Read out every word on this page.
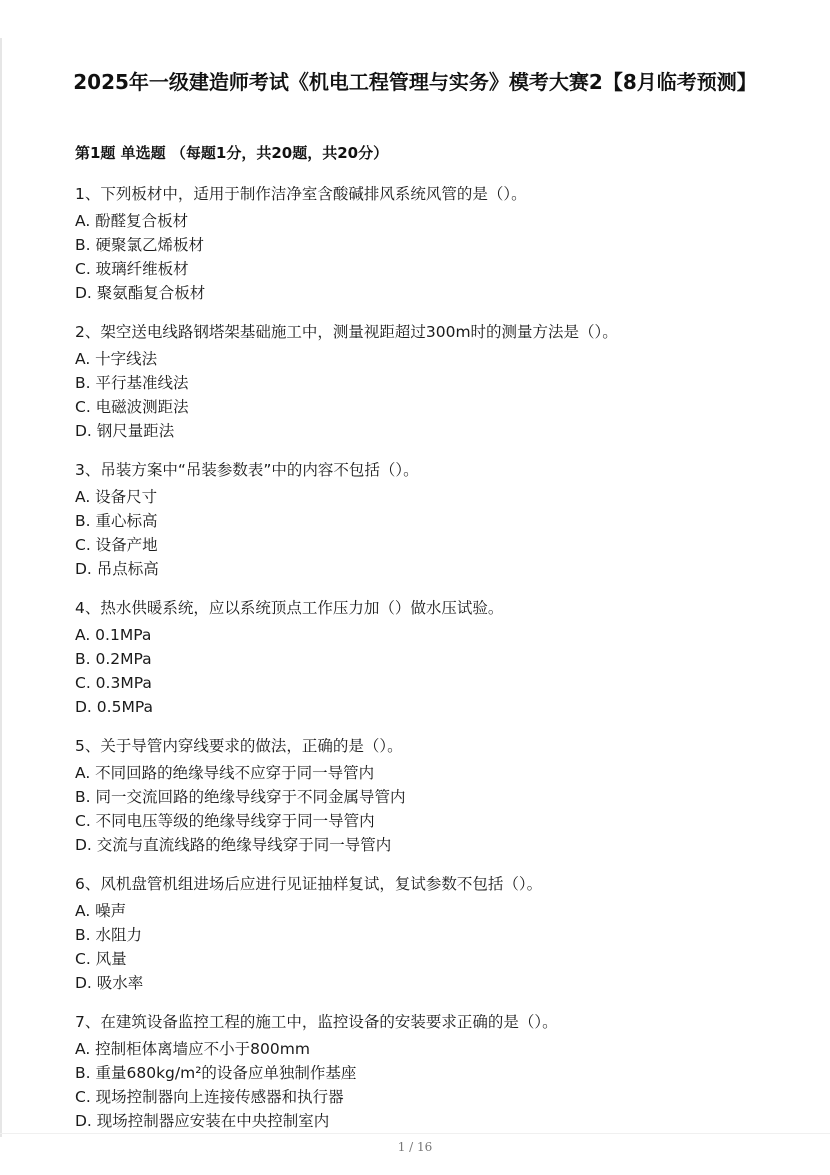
2025年一级建造师考试《机电工程管理与实务》模考大赛2【8月临考预测】
第1题 单选题 （每题1分，共20题，共20分）
1、下列板材中，适用于制作洁净室含酸碱排风系统风管的是（）。
A. 酚醛复合板材
B. 硬聚氯乙烯板材
C. 玻璃纤维板材
D. 聚氨酯复合板材
2、架空送电线路钢塔架基础施工中，测量视距超过300m时的测量方法是（）。
A. 十字线法
B. 平行基准线法
C. 电磁波测距法
D. 钢尺量距法
3、吊装方案中“吊装参数表”中的内容不包括（）。
A. 设备尺寸
B. 重心标高
C. 设备产地
D. 吊点标高
4、热水供暖系统，应以系统顶点工作压力加（）做水压试验。
A. 0.1MPa
B. 0.2MPa
C. 0.3MPa
D. 0.5MPa
5、关于导管内穿线要求的做法，正确的是（）。
A. 不同回路的绝缘导线不应穿于同一导管内
B. 同一交流回路的绝缘导线穿于不同金属导管内
C. 不同电压等级的绝缘导线穿于同一导管内
D. 交流与直流线路的绝缘导线穿于同一导管内
6、风机盘管机组进场后应进行见证抽样复试，复试参数不包括（）。
A. 噪声
B. 水阻力
C. 风量
D. 吸水率
7、在建筑设备监控工程的施工中，监控设备的安装要求正确的是（）。
A. 控制柜体离墙应不小于800mm
B. 重量680kg/m²的设备应单独制作基座
C. 现场控制器向上连接传感器和执行器
D. 现场控制器应安装在中央控制室内
1 / 16
